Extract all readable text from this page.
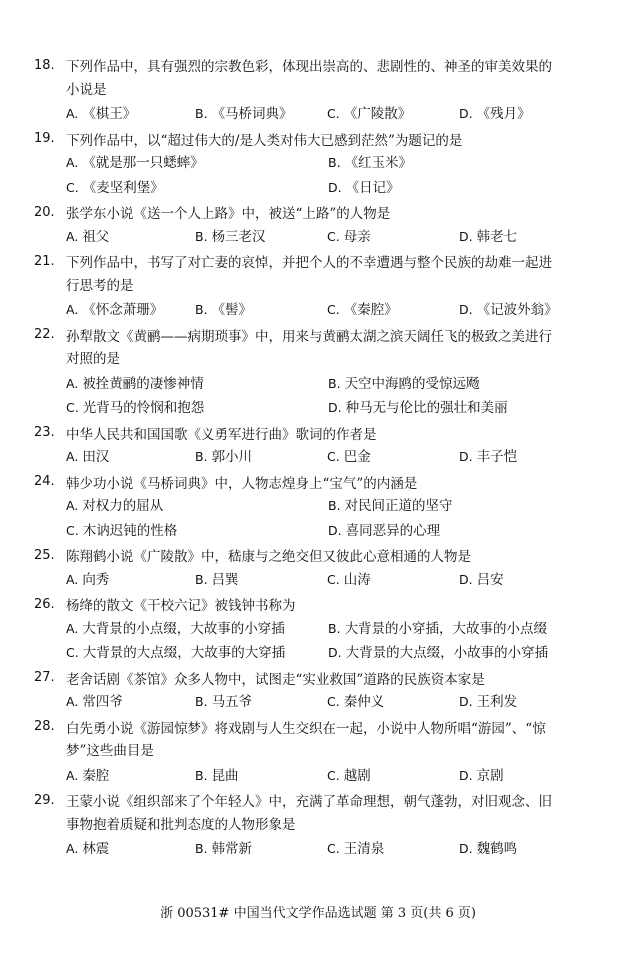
18. 下列作品中，具有强烈的宗教色彩，体现出崇高的、悲剧性的、神圣的审美效果的
小说是
A. 《棋王》	B. 《马桥词典》	C. 《广陵散》	D. 《残月》
19. 下列作品中，以“超过伟大的/是人类对伟大已感到茫然”为题记的是
A. 《就是那一只蟋蟀》	B. 《红玉米》
C. 《麦坚利堡》	D. 《日记》
20. 张学东小说《送一个人上路》中，被送“上路”的人物是
A. 祖父	B. 杨三老汉	C. 母亲	D. 韩老七
21. 下列作品中，书写了对亡妻的哀悼，并把个人的不幸遭遇与整个民族的劫难一起进
行思考的是
A. 《怀念萧珊》	B. 《髻》	C. 《秦腔》	D. 《记波外翁》
22. 孙犁散文《黄鹂——病期琐事》中，用来与黄鹂太湖之滨天阔任飞的极致之美进行
对照的是
A. 被拴黄鹂的凄惨神情	B. 天空中海鸥的受惊远飏
C. 光背马的怜悯和抱怨	D. 种马无与伦比的强壮和美丽
23. 中华人民共和国国歌《义勇军进行曲》歌词的作者是
A. 田汉	B. 郭小川	C. 巴金	D. 丰子恺
24. 韩少功小说《马桥词典》中，人物志煌身上“宝气”的内涵是
A. 对权力的屈从	B. 对民间正道的坚守
C. 木讷迟钝的性格	D. 喜同恶异的心理
25. 陈翔鹤小说《广陵散》中，嵇康与之绝交但又彼此心意相通的人物是
A. 向秀	B. 吕巽	C. 山涛	D. 吕安
26. 杨绛的散文《干校六记》被钱钟书称为
A. 大背景的小点缀，大故事的小穿插	B. 大背景的小穿插，大故事的小点缀
C. 大背景的大点缀，大故事的大穿插	D. 大背景的大点缀，小故事的小穿插
27. 老舍话剧《茶馆》众多人物中，试图走“实业救国”道路的民族资本家是
A. 常四爷	B. 马五爷	C. 秦仲义	D. 王利发
28. 白先勇小说《游园惊梦》将戏剧与人生交织在一起，小说中人物所唱“游园”、“惊
梦”这些曲目是
A. 秦腔	B. 昆曲	C. 越剧	D. 京剧
29. 王蒙小说《组织部来了个年轻人》中，充满了革命理想，朝气蓬勃，对旧观念、旧
事物抱着质疑和批判态度的人物形象是
A. 林震	B. 韩常新	C. 王清泉	D. 魏鹤鸣
浙 00531# 中国当代文学作品选试题 第 3 页(共 6 页)
